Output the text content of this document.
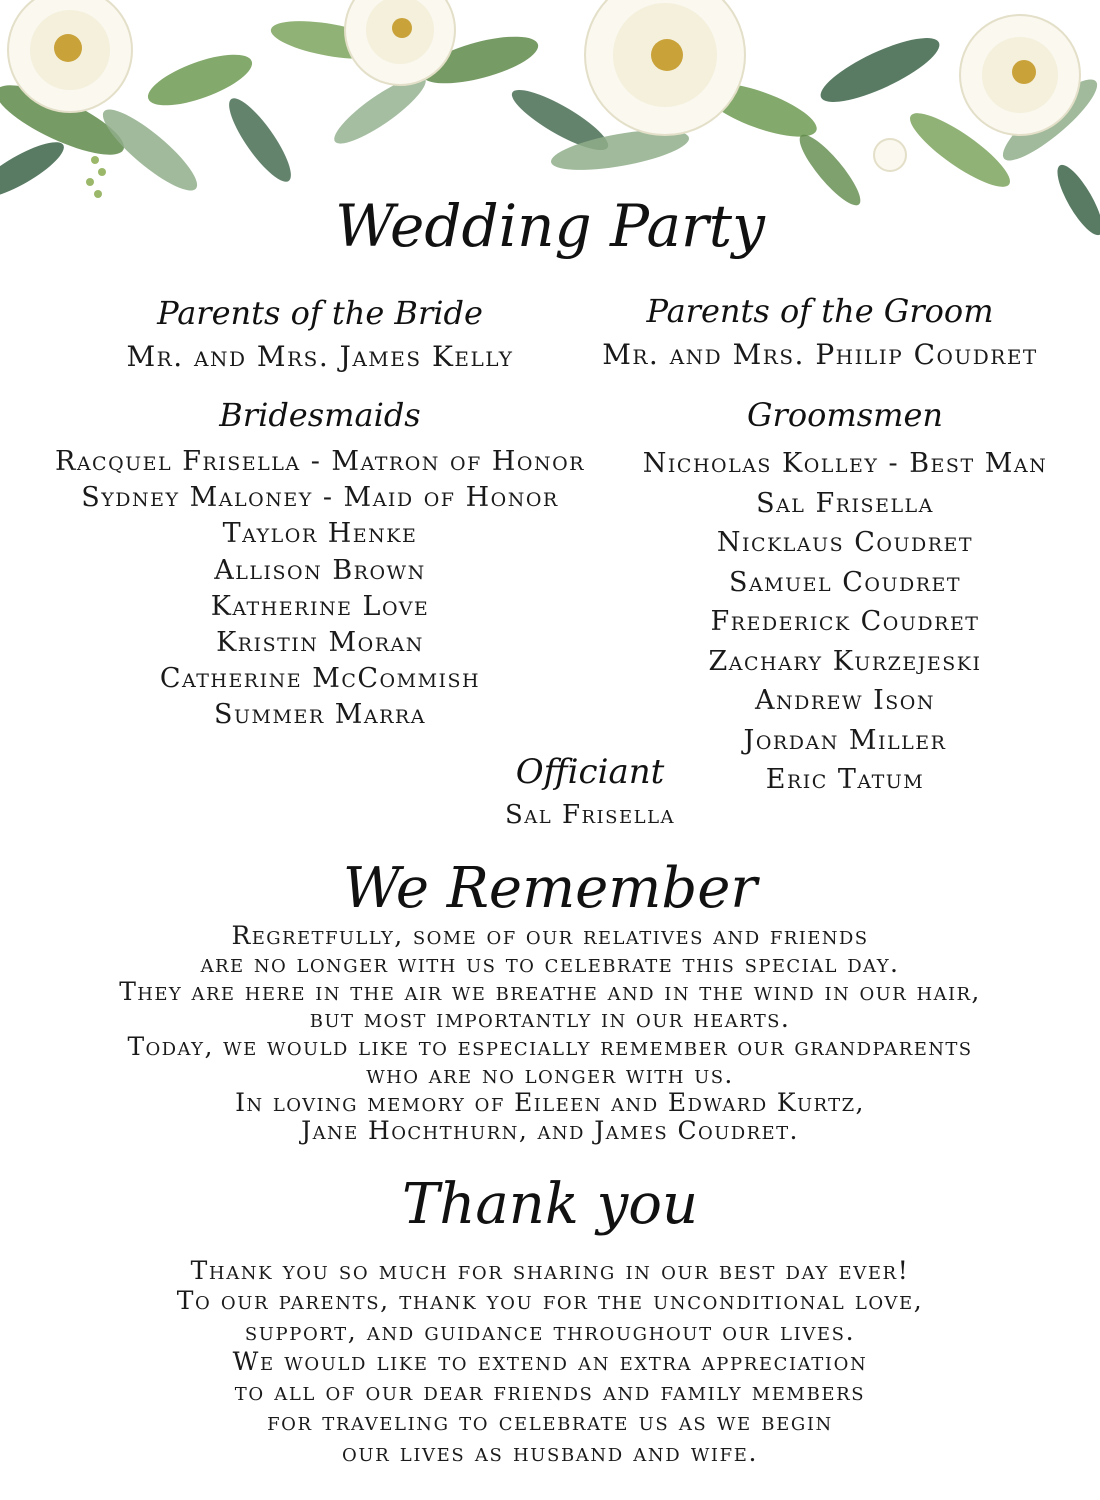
Wedding Party
Parents of the Bride
Mr. and Mrs. James Kelly
Parents of the Groom
Mr. and Mrs. Philip Coudret
Bridesmaids
Racquel Frisella - Matron of Honor
Sydney Maloney - Maid of Honor
Taylor Henke
Allison Brown
Katherine Love
Kristin Moran
Catherine McCommish
Summer Marra
Groomsmen
Nicholas Kolley - Best Man
Sal Frisella
Nicklaus Coudret
Samuel Coudret
Frederick Coudret
Zachary Kurzejeski
Andrew Ison
Jordan Miller
Eric Tatum
Officiant
Sal Frisella
We Remember
Regretfully, some of our relatives and friends
are no longer with us to celebrate this special day.
They are here in the air we breathe and in the wind in our hair,
but most importantly in our hearts.
Today, we would like to especially remember our grandparents
who are no longer with us.
In loving memory of Eileen and Edward Kurtz,
Jane Hochthurn, and James Coudret.
Thank you
Thank you so much for sharing in our best day ever!
To our parents, thank you for the unconditional love,
support, and guidance throughout our lives.
We would like to extend an extra appreciation
to all of our dear friends and family members
for traveling to celebrate us as we begin
our lives as husband and wife.
